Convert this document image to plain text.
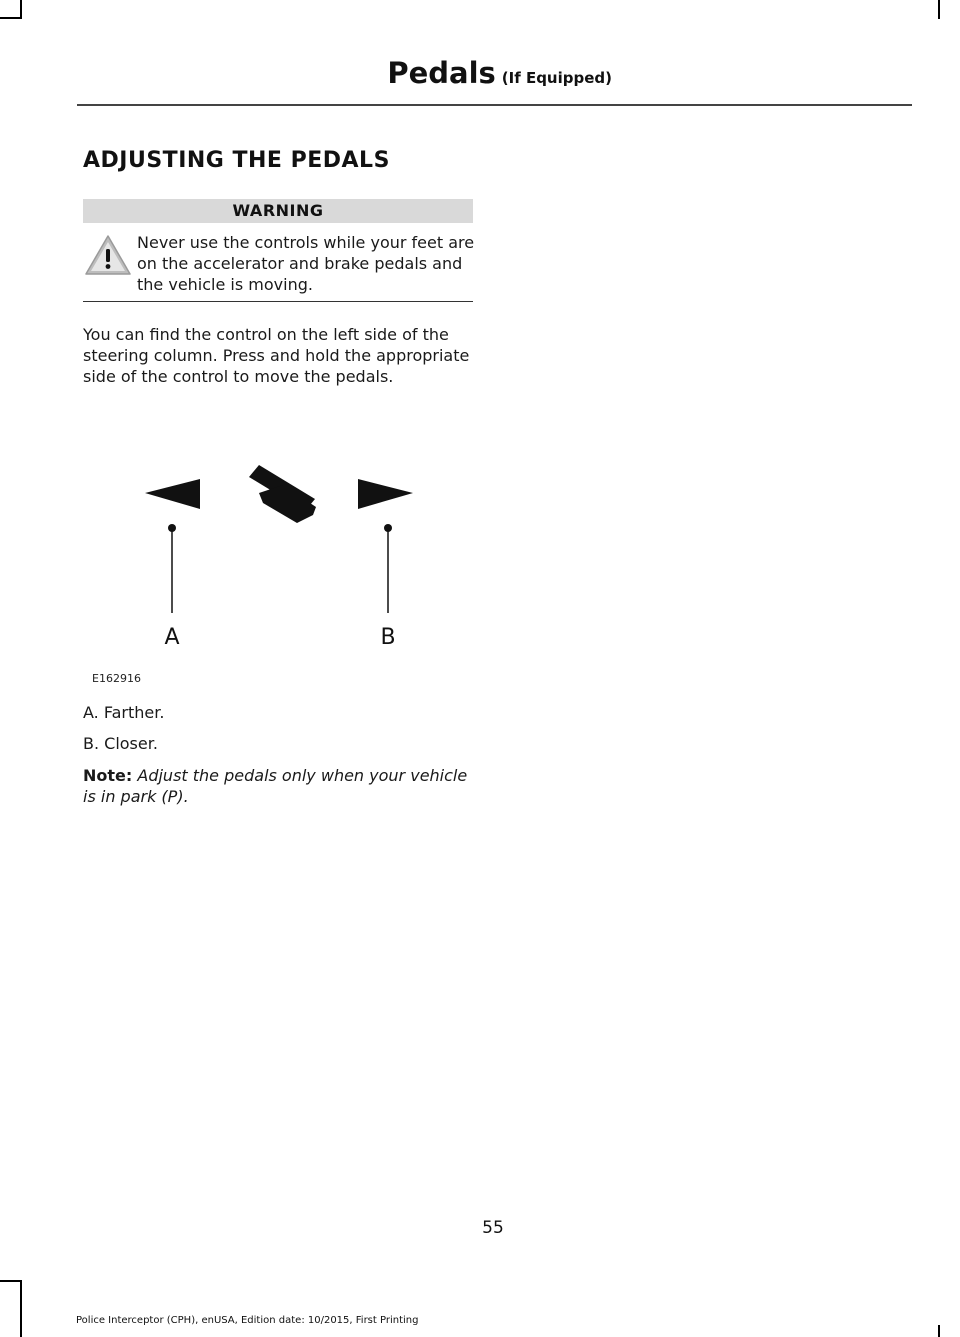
Pedals (If Equipped)
ADJUSTING THE PEDALS
WARNING
Never use the controls while your feet are on the accelerator and brake pedals and the vehicle is moving.
You can find the control on the left side of the steering column. Press and hold the appropriate side of the control to move the pedals.
A	B
E162916
A. Farther.
B. Closer.
Note: Adjust the pedals only when your vehicle is in park (P).
55
Police Interceptor (CPH), enUSA, Edition date: 10/2015, First Printing
